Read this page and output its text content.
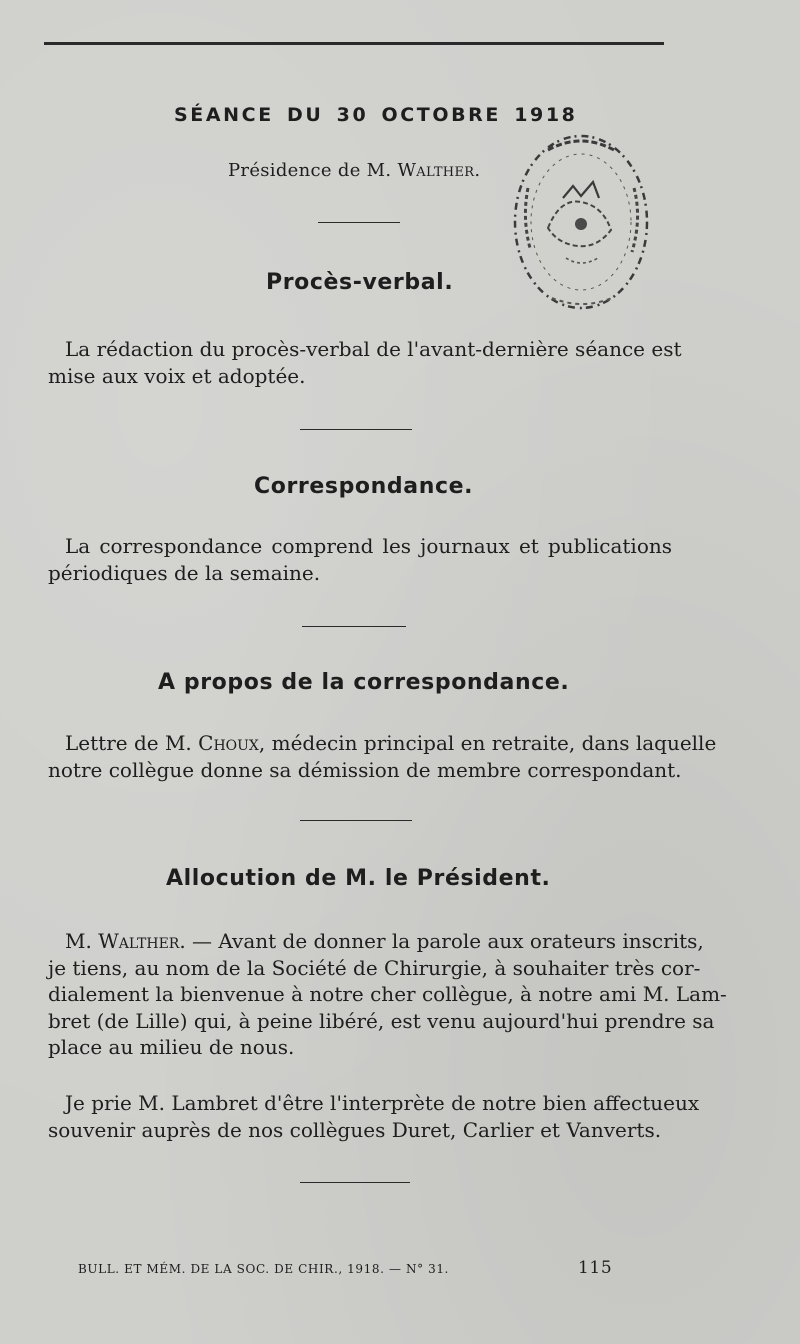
SÉANCE DU 30 OCTOBRE 1918
Présidence de M. Walther.
Procès-verbal.
La rédaction du procès-verbal de l'avant-dernière séance est
mise aux voix et adoptée.
Correspondance.
La correspondance comprend les journaux et publications
périodiques de la semaine.
A propos de la correspondance.
Lettre de M. Choux, médecin principal en retraite, dans laquelle
notre collègue donne sa démission de membre correspondant.
Allocution de M. le Président.
M. Walther. — Avant de donner la parole aux orateurs inscrits,
je tiens, au nom de la Société de Chirurgie, à souhaiter très cor-
dialement la bienvenue à notre cher collègue, à notre ami M. Lam-
bret (de Lille) qui, à peine libéré, est venu aujourd'hui prendre sa
place au milieu de nous.
Je prie M. Lambret d'être l'interprète de notre bien affectueux
souvenir auprès de nos collègues Duret, Carlier et Vanverts.
BULL. ET MÉM. DE LA SOC. DE CHIR., 1918. — N° 31.	115
